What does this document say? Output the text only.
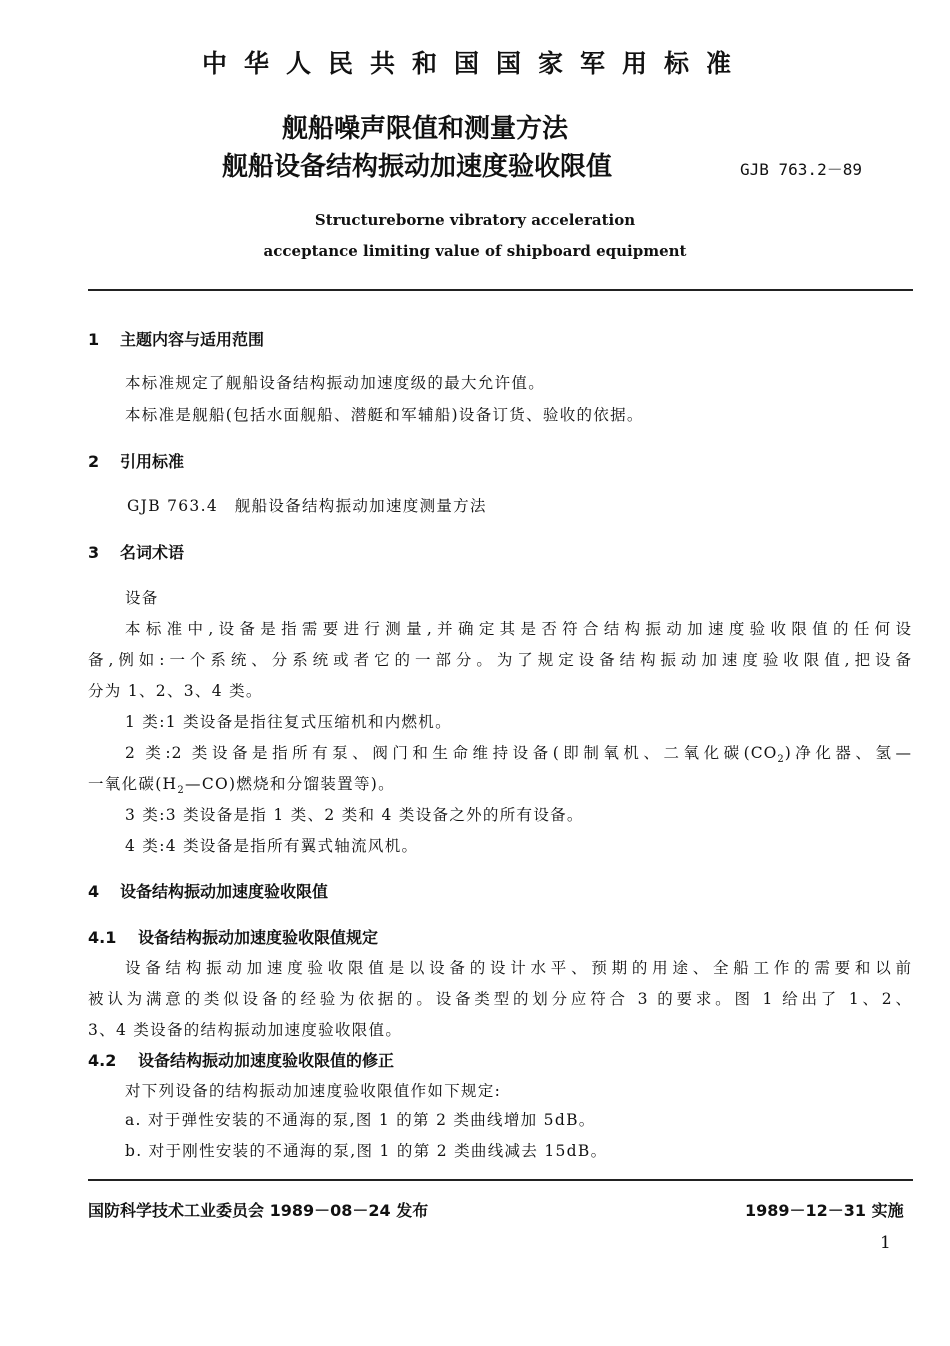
中华人民共和国国家军用标准
舰船噪声限值和测量方法
舰船设备结构振动加速度验收限值	GJB 763.2－89
Structureborne vibratory acceleration
acceptance limiting value of shipboard equipment
1 主题内容与适用范围
本标准规定了舰船设备结构振动加速度级的最大允许值。
本标准是舰船(包括水面舰船、潜艇和军辅船)设备订货、验收的依据。
2 引用标准
GJB 763.4　舰船设备结构振动加速度测量方法
3 名词术语
设备
本标准中,设备是指需要进行测量,并确定其是否符合结构振动加速度验收限值的任何设
备,例如:一个系统、分系统或者它的一部分。为了规定设备结构振动加速度验收限值,把设备
分为 1、2、3、4 类。
1 类:1 类设备是指往复式压缩机和内燃机。
2 类:2 类设备是指所有泵、阀门和生命维持设备(即制氧机、二氧化碳$(CO_2)$净化器、氢—
一氧化碳$(H_2—CO)$燃烧和分馏装置等)。
3 类:3 类设备是指 1 类、2 类和 4 类设备之外的所有设备。
4 类:4 类设备是指所有翼式轴流风机。
4 设备结构振动加速度验收限值
4.1 设备结构振动加速度验收限值规定
设备结构振动加速度验收限值是以设备的设计水平、预期的用途、全船工作的需要和以前
被认为满意的类似设备的经验为依据的。设备类型的划分应符合 3 的要求。图 1 给出了 1、2、
3、4 类设备的结构振动加速度验收限值。
4.2 设备结构振动加速度验收限值的修正
对下列设备的结构振动加速度验收限值作如下规定:
a. 对于弹性安装的不通海的泵,图 1 的第 2 类曲线增加 5dB。
b. 对于刚性安装的不通海的泵,图 1 的第 2 类曲线减去 15dB。
国防科学技术工业委员会 1989－08－24 发布	1989－12－31 实施
1
